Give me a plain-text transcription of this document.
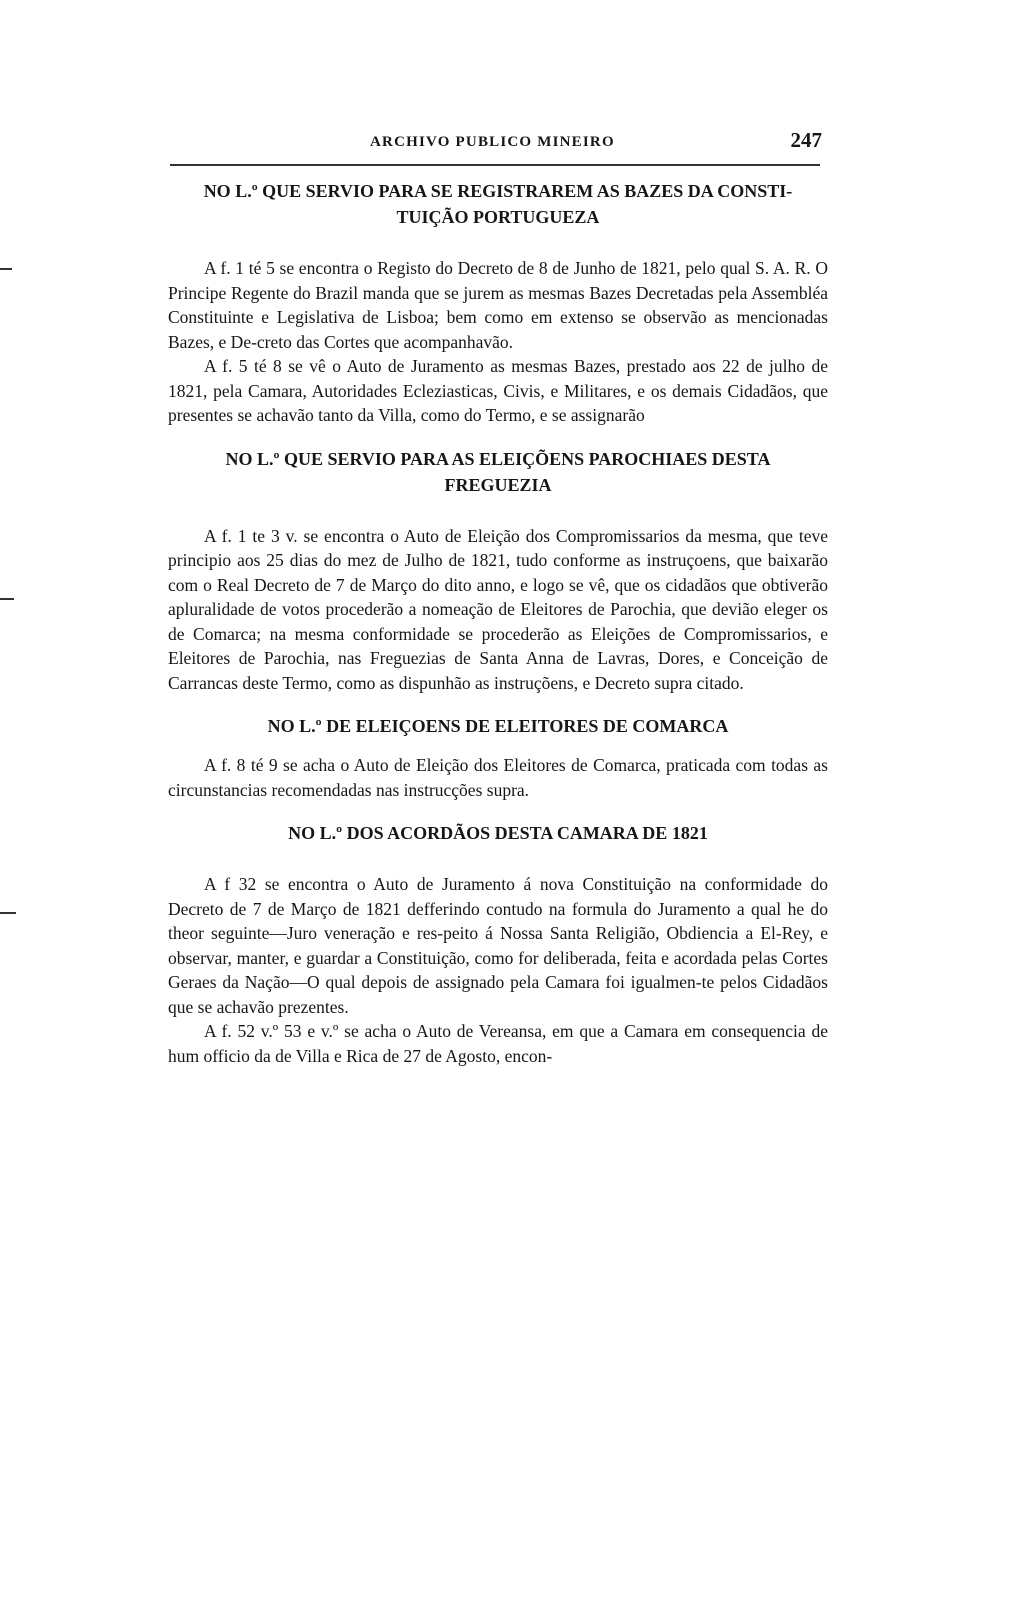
ARCHIVO PUBLICO MINEIRO	247
NO L.º QUE SERVIO PARA SE REGISTRAREM AS BAZES DA CONSTI-TUIÇÃO PORTUGUEZA

A f. 1 té 5 se encontra o Registo do Decreto de 8 de Junho de 1821, pelo qual S. A. R. O Principe Regente do Brazil manda que se jurem as mesmas Bazes Decretadas pela Assembléa Constituinte e Legislativa de Lisboa; bem como em extenso se observão as mencionadas Bazes, e De-creto das Cortes que acompanhavão.

A f. 5 té 8 se vê o Auto de Juramento as mesmas Bazes, prestado aos 22 de julho de 1821, pela Camara, Autoridades Ecleziasticas, Civis, e Militares, e os demais Cidadãos, que presentes se achavão tanto da Villa, como do Termo, e se assignarão

NO L.º QUE SERVIO PARA AS ELEIÇÕENS PAROCHIAES DESTA FREGUEZIA

A f. 1 te 3 v. se encontra o Auto de Eleição dos Compromissarios da mesma, que teve principio aos 25 dias do mez de Julho de 1821, tudo conforme as instruçoens, que baixarão com o Real Decreto de 7 de Março do dito anno, e logo se vê, que os cidadãos que obtiverão apluralidade de votos procederão a nomeação de Eleitores de Parochia, que devião eleger os de Comarca; na mesma conformidade se procederão as Eleições de Compromissarios, e Eleitores de Parochia, nas Freguezias de Santa Anna de Lavras, Dores, e Conceição de Carrancas deste Termo, como as dispunhão as instruçõens, e Decreto supra citado.

NO L.º DE ELEIÇOENS DE ELEITORES DE COMARCA

A f. 8 té 9 se acha o Auto de Eleição dos Eleitores de Comarca, praticada com todas as circunstancias recomendadas nas instrucções supra.

NO L.º DOS ACORDÃOS DESTA CAMARA DE 1821

A f 32 se encontra o Auto de Juramento á nova Constituição na conformidade do Decreto de 7 de Março de 1821 defferindo contudo na formula do Juramento a qual he do theor seguinte—Juro veneração e res-peito á Nossa Santa Religião, Obdiencia a El-Rey, e observar, manter, e guardar a Constituição, como for deliberada, feita e acordada pelas Cortes Geraes da Nação—O qual depois de assignado pela Camara foi igualmen-te pelos Cidadãos que se achavão prezentes.

A f. 52 v.º 53 e v.º se acha o Auto de Vereansa, em que a Camara em consequencia de hum officio da de Villa e Rica de 27 de Agosto, encon-
